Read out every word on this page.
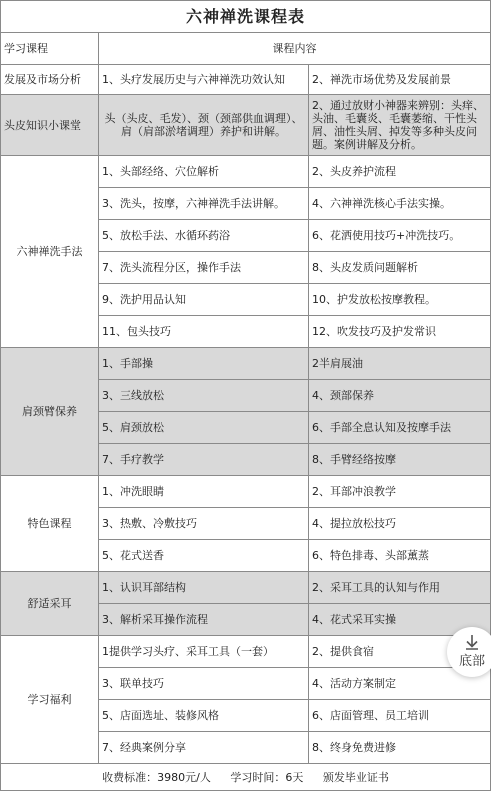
六神禅洗课程表		
学习课程	课程内容	
发展及市场分析	1、头疗发展历史与六神禅洗功效认知	2、禅洗市场优势及发展前景
头皮知识小课堂	头（头皮、毛发）、颈（颈部供血调理）、肩（肩部淤堵调理）养护和讲解。	2、通过放财小神器来辨别：头痒、头油、毛囊炎、毛囊萎缩、干性头屑、油性头屑、掉发等多种头皮问题。案例讲解及分析。
六神禅洗手法	1、头部经络、穴位解析	2、头皮养护流程
	3、洗头，按摩，六神禅洗手法讲解。	4、六神禅洗核心手法实操。
	5、放松手法、水循环药浴	6、花洒使用技巧+冲洗技巧。
	7、洗头流程分区，操作手法	8、头皮发质问题解析
	9、洗护用品认知	10、护发放松按摩教程。
	11、包头技巧	12、吹发技巧及护发常识
肩颈臂保养	1、手部操	2半肩展油
	3、三线放松	4、颈部保养
	5、肩颈放松	6、手部全息认知及按摩手法
	7、手疗教学	8、手臂经络按摩
特色课程	1、冲洗眼睛	2、耳部冲浪教学
	3、热敷、冷敷技巧	4、提拉放松技巧
	5、花式送香	6、特色排毒、头部薰蒸
舒适采耳	1、认识耳部结构	2、采耳工具的认知与作用
	3、解析采耳操作流程	4、花式采耳实操
学习福利	1提供学习头疗、采耳工具（一套）	2、提供食宿
	3、联单技巧	4、活动方案制定
	5、店面选址、装修风格	6、店面管理、员工培训
	7、经典案例分享	8、终身免费进修
收费标准：3980元/人 学习时间：6天 颁发毕业证书		
底部
